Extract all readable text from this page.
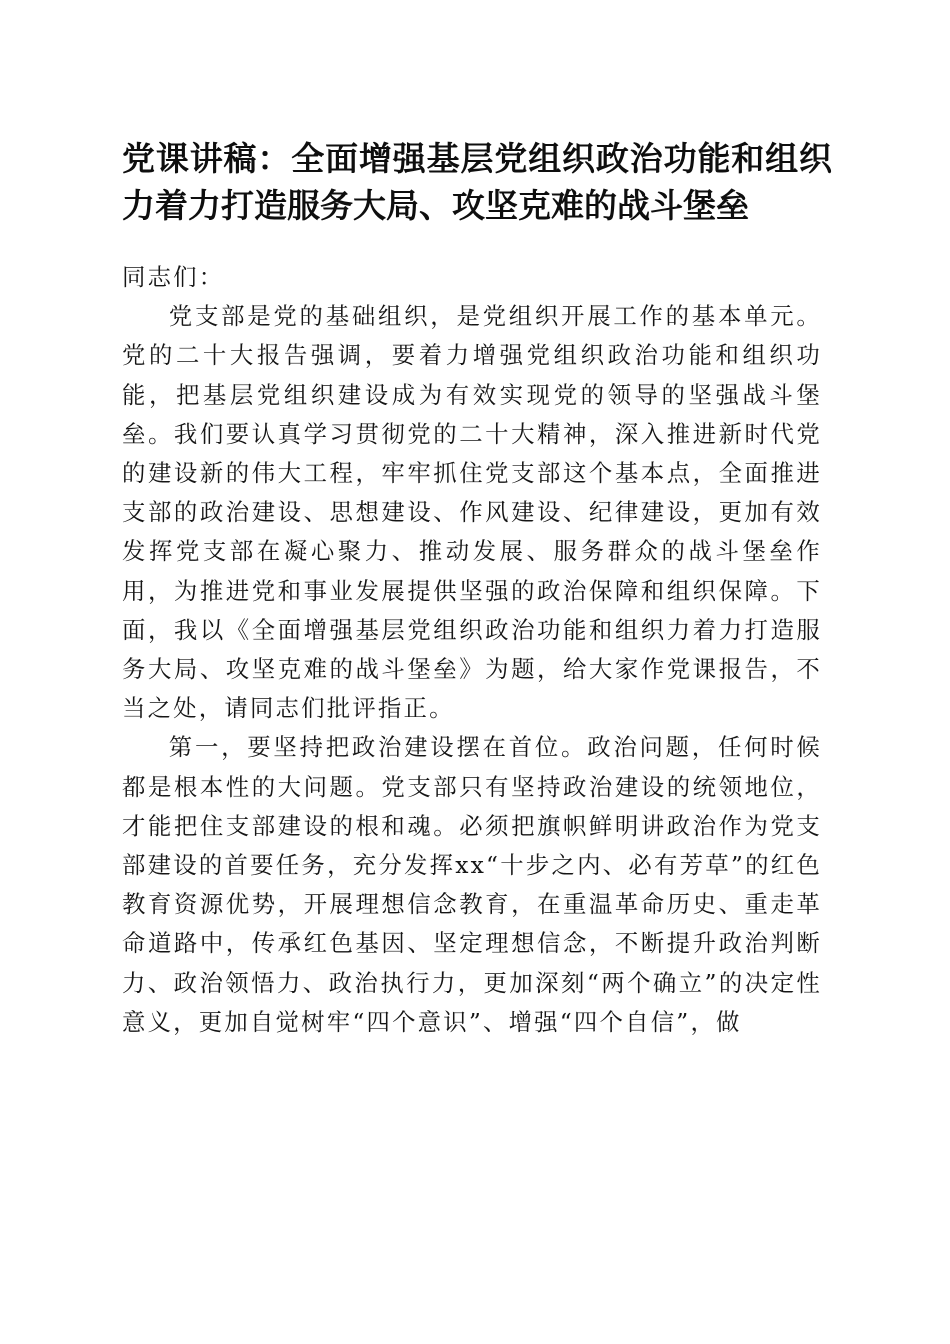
党课讲稿：全面增强基层党组织政治功能和组织力着力打造服务大局、攻坚克难的战斗堡垒

同志们：

党支部是党的基础组织，是党组织开展工作的基本单元。党的二十大报告强调，要着力增强党组织政治功能和组织功能，把基层党组织建设成为有效实现党的领导的坚强战斗堡垒。我们要认真学习贯彻党的二十大精神，深入推进新时代党的建设新的伟大工程，牢牢抓住党支部这个基本点，全面推进支部的政治建设、思想建设、作风建设、纪律建设，更加有效发挥党支部在凝心聚力、推动发展、服务群众的战斗堡垒作用，为推进党和事业发展提供坚强的政治保障和组织保障。下面，我以《全面增强基层党组织政治功能和组织力着力打造服务大局、攻坚克难的战斗堡垒》为题，给大家作党课报告，不当之处，请同志们批评指正。

第一，要坚持把政治建设摆在首位。政治问题，任何时候都是根本性的大问题。党支部只有坚持政治建设的统领地位，才能把住支部建设的根和魂。必须把旗帜鲜明讲政治作为党支部建设的首要任务，充分发挥xx“十步之内、必有芳草”的红色教育资源优势，开展理想信念教育，在重温革命历史、重走革命道路中，传承红色基因、坚定理想信念，不断提升政治判断力、政治领悟力、政治执行力，更加深刻“两个确立”的决定性意义，更加自觉树牢“四个意识”、增强“四个自信”，做
